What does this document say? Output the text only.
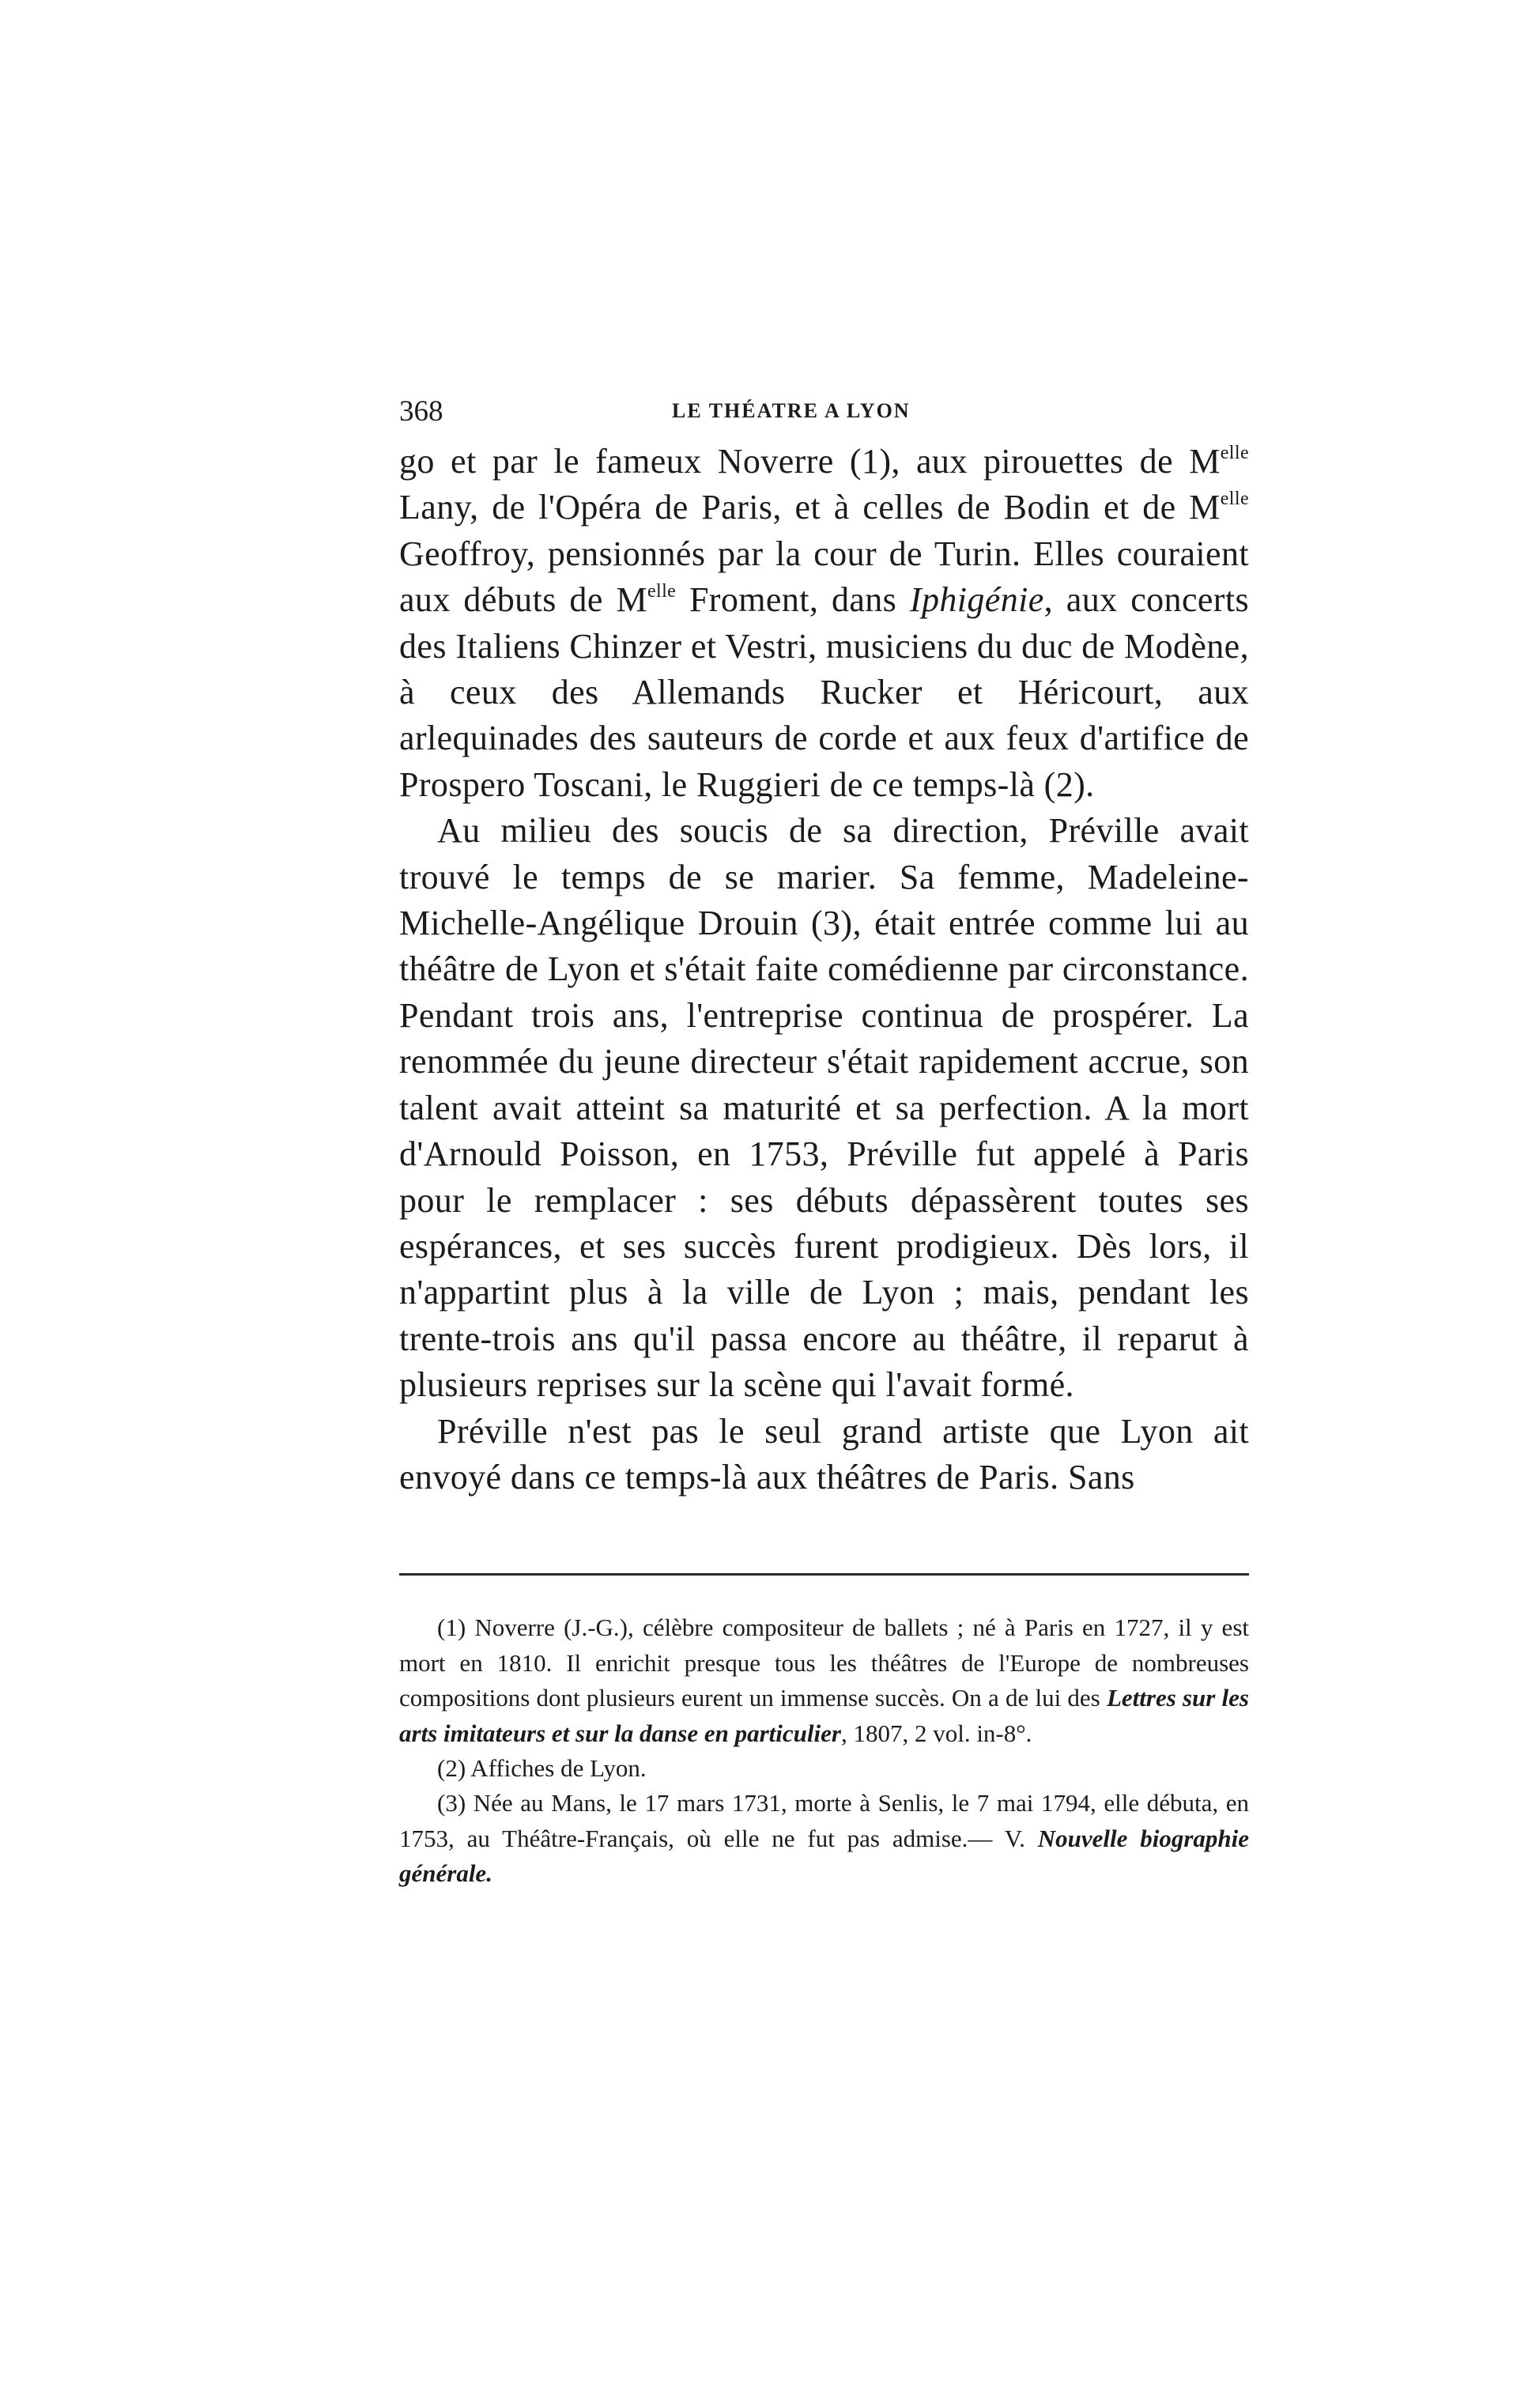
368	LE THÉATRE A LYON

go et par le fameux Noverre (1), aux pirouettes de $M^{elle}$ Lany, de l'Opéra de Paris, et à celles de Bodin et de $M^{elle}$ Geoffroy, pensionnés par la cour de Turin. Elles couraient aux débuts de $M^{elle}$ Froment, dans Iphigénie, aux concerts des Italiens Chinzer et Vestri, musiciens du duc de Modène, à ceux des Allemands Rucker et Héricourt, aux arlequinades des sauteurs de corde et aux feux d'artifice de Prospero Toscani, le Ruggieri de ce temps-là (2).

Au milieu des soucis de sa direction, Préville avait trouvé le temps de se marier. Sa femme, Madeleine-Michelle-Angélique Drouin (3), était entrée comme lui au théâtre de Lyon et s'était faite comédienne par circonstance. Pendant trois ans, l'entreprise continua de prospérer. La renommée du jeune directeur s'était rapidement accrue, son talent avait atteint sa maturité et sa perfection. A la mort d'Arnould Poisson, en 1753, Préville fut appelé à Paris pour le remplacer : ses débuts dépassèrent toutes ses espérances, et ses succès furent prodigieux. Dès lors, il n'appartint plus à la ville de Lyon ; mais, pendant les trente-trois ans qu'il passa encore au théâtre, il reparut à plusieurs reprises sur la scène qui l'avait formé.

Préville n'est pas le seul grand artiste que Lyon ait envoyé dans ce temps-là aux théâtres de Paris. Sans

(1) Noverre (J.-G.), célèbre compositeur de ballets ; né à Paris en 1727, il y est mort en 1810. Il enrichit presque tous les théâtres de l'Europe de nombreuses compositions dont plusieurs eurent un immense succès. On a de lui des Lettres sur les arts imitateurs et sur la danse en particulier, 1807, 2 vol. in-8°.

(2) Affiches de Lyon.

(3) Née au Mans, le 17 mars 1731, morte à Senlis, le 7 mai 1794, elle débuta, en 1753, au Théâtre-Français, où elle ne fut pas admise.— V. Nouvelle biographie générale.
